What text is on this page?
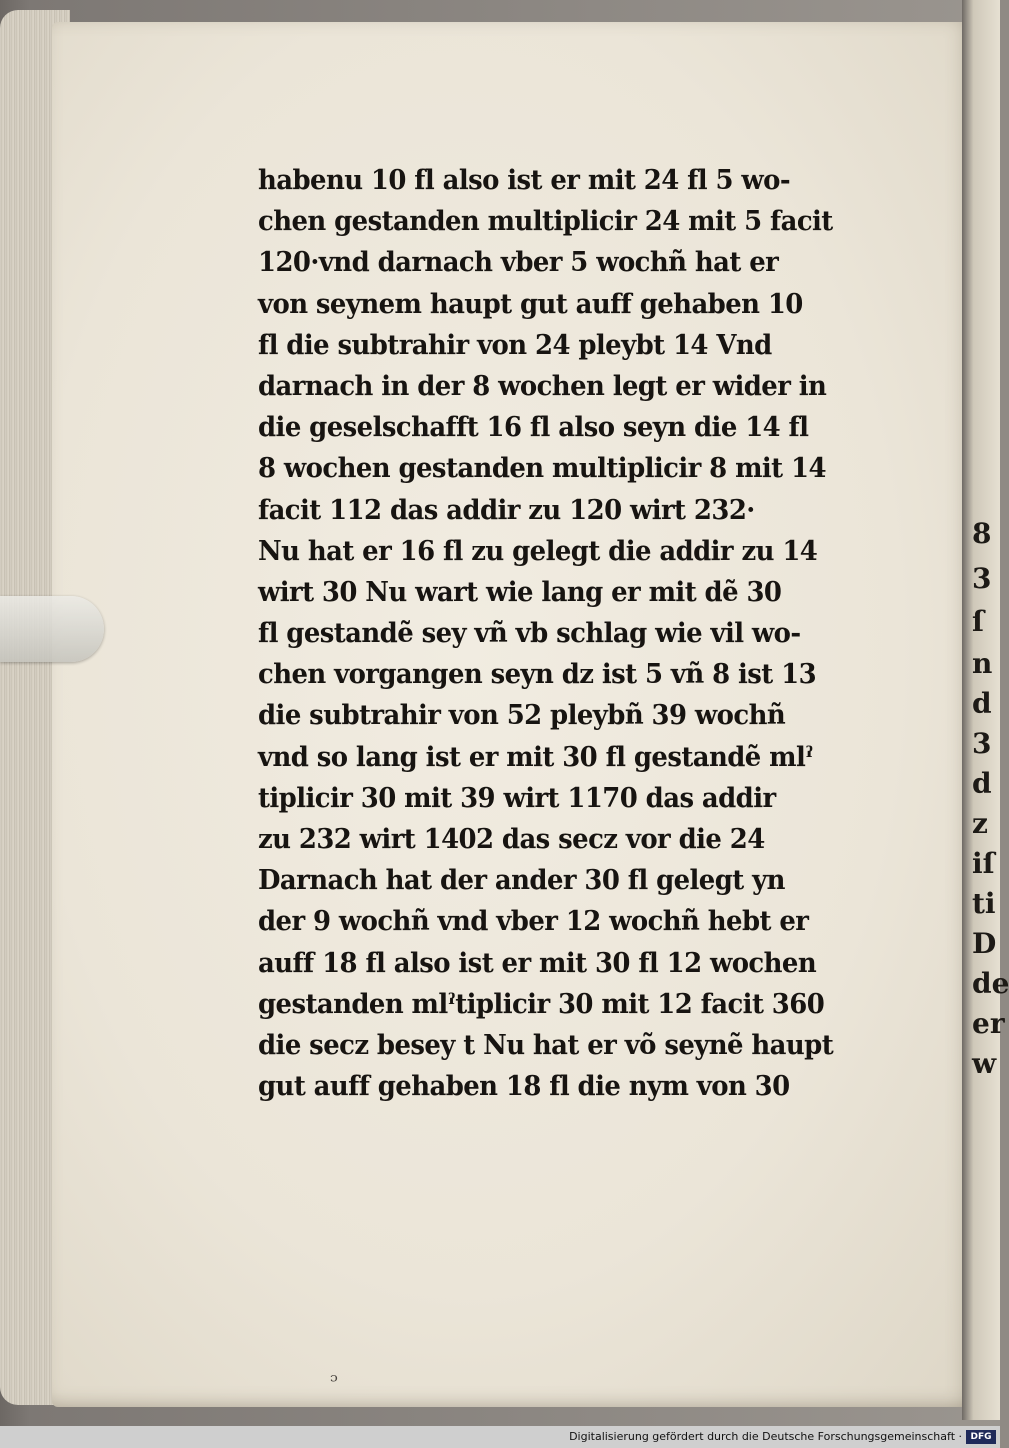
8
3
ſ
n
d
3
d
z
iſ
ti
D
de
er
w
habenu 10 fl also ist er mit 24 fl 5 wo-
chen gestanden multiplicir 24 mit 5 facit
120·vnd darnach vber 5 wochñ hat er
von seynem haupt gut auff gehaben 10
fl die subtrahir von 24 pleybt 14 Vnd
darnach in der 8 wochen legt er wider in
die geselschafft 16 fl also seyn die 14 fl
8 wochen gestanden multiplicir 8 mit 14
facit 112 das addir zu 120 wirt 232·
Nu hat er 16 fl zu gelegt die addir zu 14
wirt 30 Nu wart wie lang er mit dẽ 30
fl gestandẽ sey vñ vb schlag wie vil wo-
chen vorgangen seyn dz ist 5 vñ 8 ist 13
die subtrahir von 52 pleybñ 39 wochñ
vnd so lang ist er mit 30 fl gestandẽ mlˀ
tiplicir 30 mit 39 wirt 1170 das addir
zu 232 wirt 1402 das secz vor die 24
Darnach hat der ander 30 fl gelegt yn
der 9 wochñ vnd vber 12 wochñ hebt er
auff 18 fl also ist er mit 30 fl 12 wochen
gestanden mlˀtiplicir 30 mit 12 facit 360
die secz besey t Nu hat er võ seynẽ haupt
gut auff gehaben 18 fl die nym von 30
ᵓ
Digitalisierung gefördert durch die Deutsche Forschungsgemeinschaft · DFG
